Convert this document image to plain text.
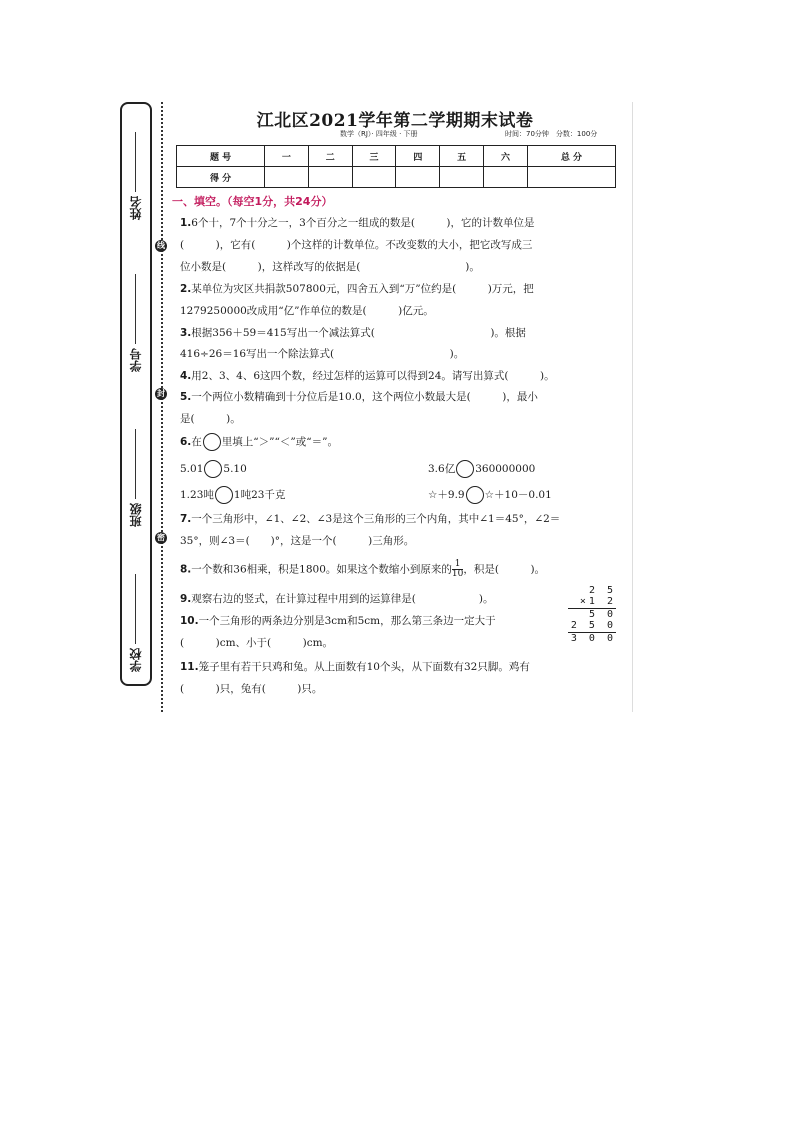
姓名
学号
班级
学校
线
封
密
江北区2021学年第二学期期末试卷
数学（RJ）· 四年级 · 下册	时间：70分钟　 分数：100分
题 号	一	二	三	四	五	六	总 分
得 分							
一、填空。（每空1分，共24分）
1.6个十，7个十分之一，3个百分之一组成的数是(　　　)，它的计数单位是
(　　　)，它有(　　　)个这样的计数单位。不改变数的大小，把它改写成三
位小数是(　　　)，这样改写的依据是(　　　　　　　　　　)。
2.某单位为灾区共捐款507800元，四舍五入到“万”位约是(　　　)万元，把
1279250000改成用“亿”作单位的数是(　　　)亿元。
3.根据356＋59＝415写出一个减法算式(　　　　　　　　　　　)。根据
416÷26＝16写出一个除法算式(　　　　　　　　　　　)。
4.用2、3、4、6这四个数，经过怎样的运算可以得到24。请写出算式(　　　)。
5.一个两位小数精确到十分位后是10.0，这个两位小数最大是(　　　)，最小
是(　　　)。
6.在 里填上“＞”“＜”或“＝”。
5.01 5.10	3.6亿 360000000
1.23吨 1吨23千克	☆＋9.9 ☆＋10－0.01
7.一个三角形中，∠1、∠2、∠3是这个三角形的三个内角，其中∠1＝45°，∠2＝
35°，则∠3＝(　　)°，这是一个(　　　)三角形。
8.一个数和36相乘，积是1800。如果这个数缩小到原来的 $\frac{1}{10}$ ，积是(　　　)。
9.观察右边的竖式，在计算过程中用到的运算律是(　　　　　　)。
10.一个三角形的两条边分别是3cm和5cm，那么第三条边一定大于
(　　　)cm、小于(　　　)cm。
11.笼子里有若干只鸡和兔。从上面数有10个头，从下面数有32只脚。鸡有
(　　　)只，兔有(　　　)只。
2 5
×1 2
5 0
2 5 0
3 0 0
